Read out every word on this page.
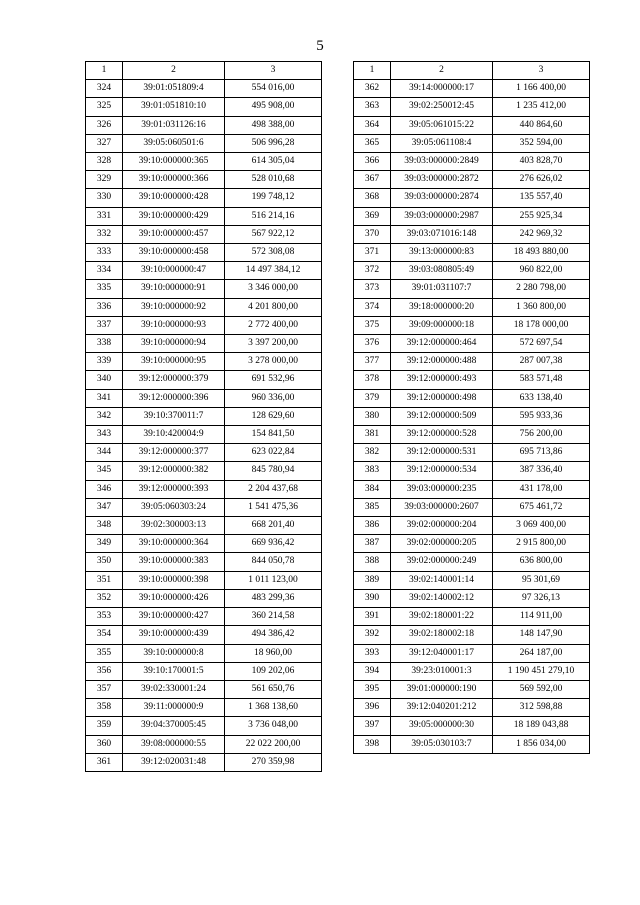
5
1	2	3
324	39:01:051809:4	554 016,00
325	39:01:051810:10	495 908,00
326	39:01:031126:16	498 388,00
327	39:05:060501:6	506 996,28
328	39:10:000000:365	614 305,04
329	39:10:000000:366	528 010,68
330	39:10:000000:428	199 748,12
331	39:10:000000:429	516 214,16
332	39:10:000000:457	567 922,12
333	39:10:000000:458	572 308,08
334	39:10:000000:47	14 497 384,12
335	39:10:000000:91	3 346 000,00
336	39:10:000000:92	4 201 800,00
337	39:10:000000:93	2 772 400,00
338	39:10:000000:94	3 397 200,00
339	39:10:000000:95	3 278 000,00
340	39:12:000000:379	691 532,96
341	39:12:000000:396	960 336,00
342	39:10:370011:7	128 629,60
343	39:10:420004:9	154 841,50
344	39:12:000000:377	623 022,84
345	39:12:000000:382	845 780,94
346	39:12:000000:393	2 204 437,68
347	39:05:060303:24	1 541 475,36
348	39:02:300003:13	668 201,40
349	39:10:000000:364	669 936,42
350	39:10:000000:383	844 050,78
351	39:10:000000:398	1 011 123,00
352	39:10:000000:426	483 299,36
353	39:10:000000:427	360 214,58
354	39:10:000000:439	494 386,42
355	39:10:000000:8	18 960,00
356	39:10:170001:5	109 202,06
357	39:02:330001:24	561 650,76
358	39:11:000000:9	1 368 138,60
359	39:04:370005:45	3 736 048,00
360	39:08:000000:55	22 022 200,00
361	39:12:020031:48	270 359,98
1	2	3
362	39:14:000000:17	1 166 400,00
363	39:02:250012:45	1 235 412,00
364	39:05:061015:22	440 864,60
365	39:05:061108:4	352 594,00
366	39:03:000000:2849	403 828,70
367	39:03:000000:2872	276 626,02
368	39:03:000000:2874	135 557,40
369	39:03:000000:2987	255 925,34
370	39:03:071016:148	242 969,32
371	39:13:000000:83	18 493 880,00
372	39:03:080805:49	960 822,00
373	39:01:031107:7	2 280 798,00
374	39:18:000000:20	1 360 800,00
375	39:09:000000:18	18 178 000,00
376	39:12:000000:464	572 697,54
377	39:12:000000:488	287 007,38
378	39:12:000000:493	583 571,48
379	39:12:000000:498	633 138,40
380	39:12:000000:509	595 933,36
381	39:12:000000:528	756 200,00
382	39:12:000000:531	695 713,86
383	39:12:000000:534	387 336,40
384	39:03:000000:235	431 178,00
385	39:03:000000:2607	675 461,72
386	39:02:000000:204	3 069 400,00
387	39:02:000000:205	2 915 800,00
388	39:02:000000:249	636 800,00
389	39:02:140001:14	95 301,69
390	39:02:140002:12	97 326,13
391	39:02:180001:22	114 911,00
392	39:02:180002:18	148 147,90
393	39:12:040001:17	264 187,00
394	39:23:010001:3	1 190 451 279,10
395	39:01:000000:190	569 592,00
396	39:12:040201:212	312 598,88
397	39:05:000000:30	18 189 043,88
398	39:05:030103:7	1 856 034,00
